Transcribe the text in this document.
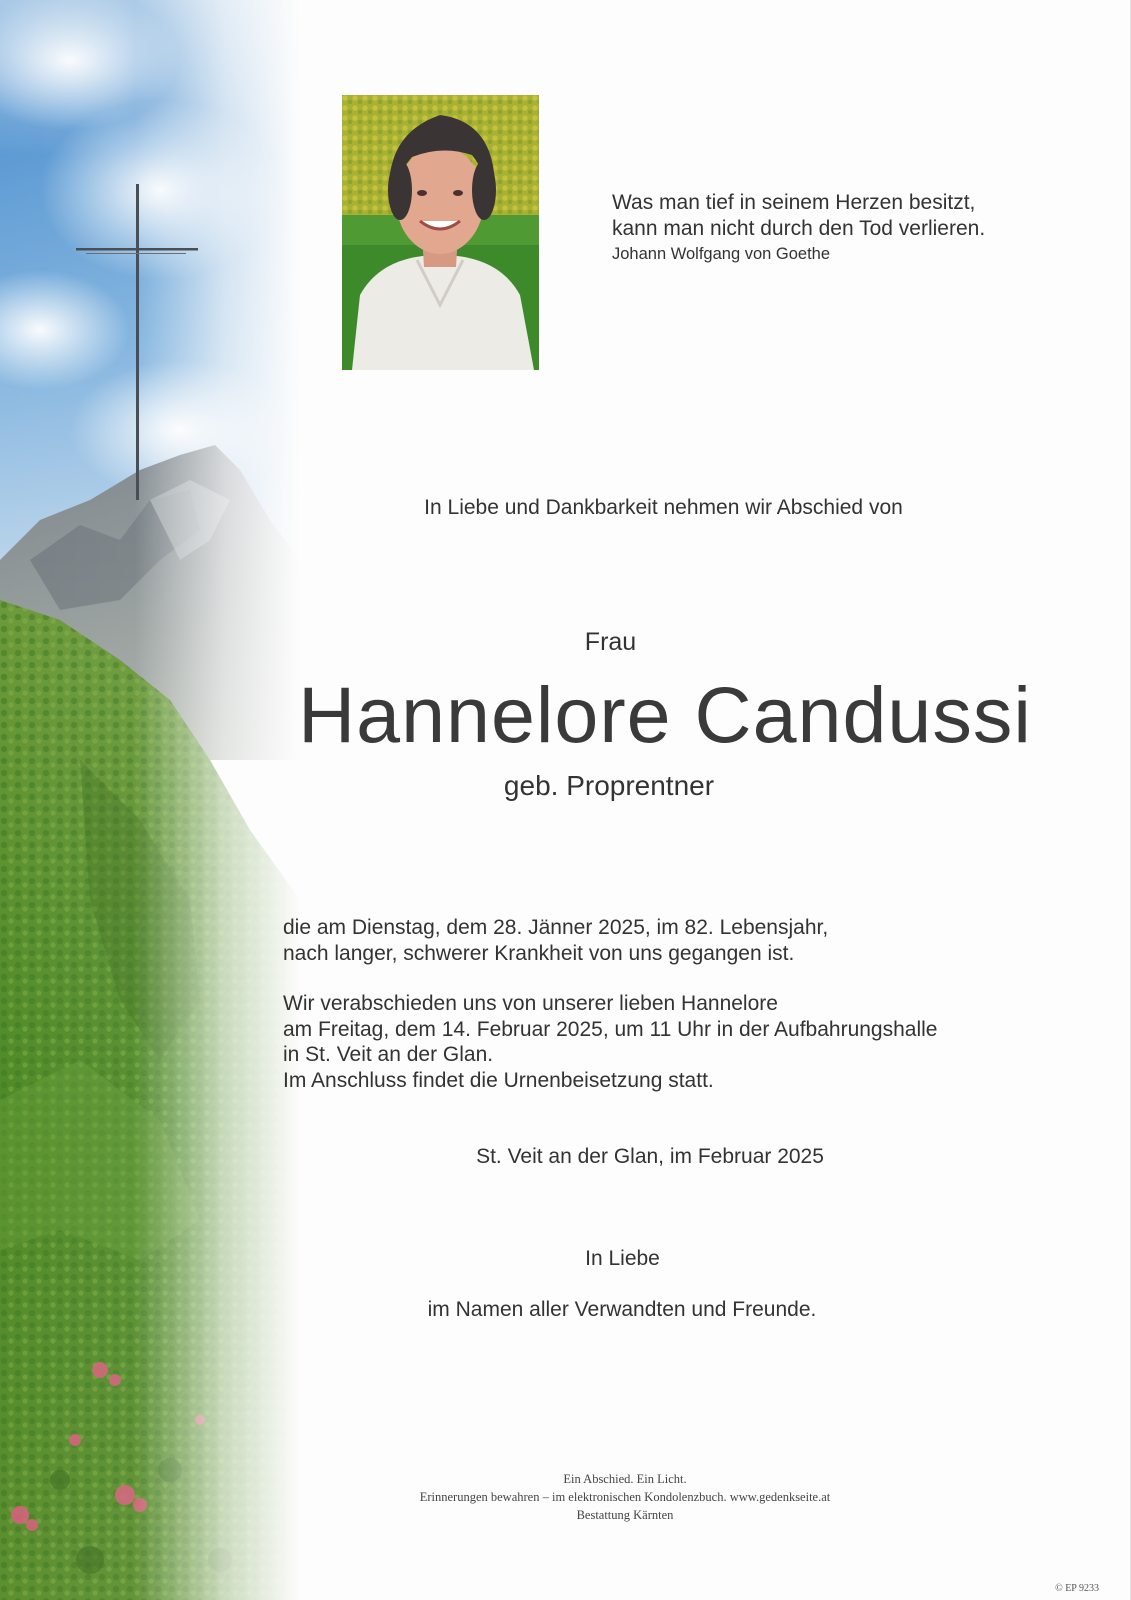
Was man tief in seinem Herzen besitzt,
kann man nicht durch den Tod verlieren.
Johann Wolfgang von Goethe
In Liebe und Dankbarkeit nehmen wir Abschied von
Frau
Hannelore Candussi
geb. Proprentner
die am Dienstag, dem 28. Jänner 2025, im 82. Lebensjahr,
nach langer, schwerer Krankheit von uns gegangen ist.
Wir verabschieden uns von unserer lieben Hannelore
am Freitag, dem 14. Februar 2025, um 11 Uhr in der Aufbahrungshalle
in St. Veit an der Glan.
Im Anschluss findet die Urnenbeisetzung statt.
St. Veit an der Glan, im Februar 2025
In Liebe
im Namen aller Verwandten und Freunde.
Ein Abschied. Ein Licht.
Erinnerungen bewahren – im elektronischen Kondolenzbuch. www.gedenkseite.at
Bestattung Kärnten
© EP 9233
